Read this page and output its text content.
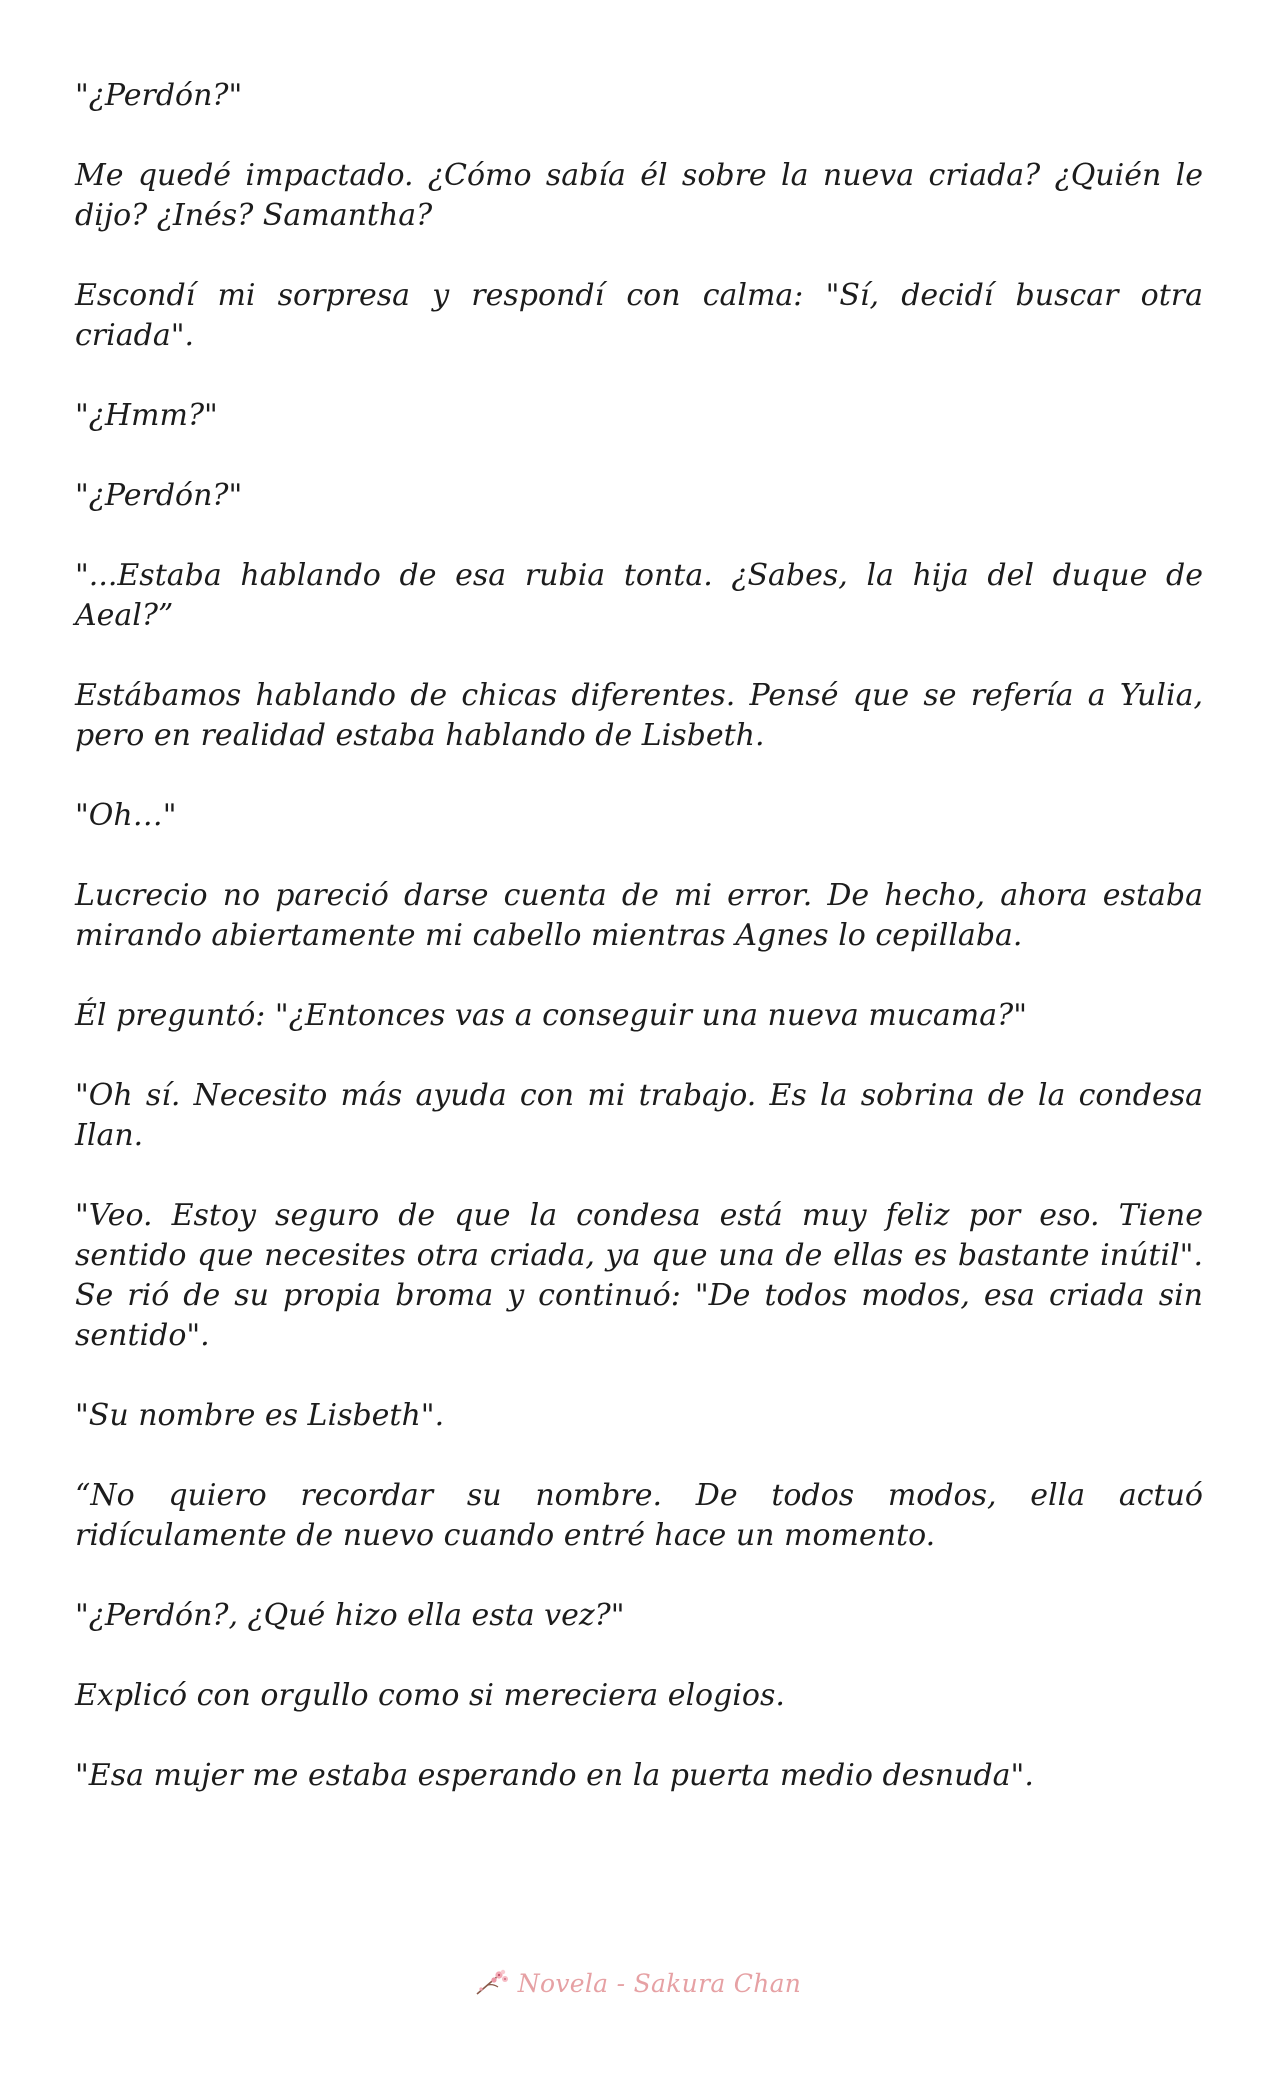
"¿Perdón?"

Me quedé impactado. ¿Cómo sabía él sobre la nueva criada? ¿Quién le dijo? ¿Inés? Samantha?

Escondí mi sorpresa y respondí con calma: "Sí, decidí buscar otra criada".

"¿Hmm?"

"¿Perdón?"

"...Estaba hablando de esa rubia tonta. ¿Sabes, la hija del duque de Aeal?”

Estábamos hablando de chicas diferentes. Pensé que se refería a Yulia, pero en realidad estaba hablando de Lisbeth.

"Oh…"

Lucrecio no pareció darse cuenta de mi error. De hecho, ahora estaba mirando abiertamente mi cabello mientras Agnes lo cepillaba.

Él preguntó: "¿Entonces vas a conseguir una nueva mucama?"

"Oh sí. Necesito más ayuda con mi trabajo. Es la sobrina de la condesa Ilan.

"Veo. Estoy seguro de que la condesa está muy feliz por eso. Tiene sentido que necesites otra criada, ya que una de ellas es bastante inútil". Se rió de su propia broma y continuó: "De todos modos, esa criada sin sentido".

"Su nombre es Lisbeth".

“No quiero recordar su nombre. De todos modos, ella actuó ridículamente de nuevo cuando entré hace un momento.

"¿Perdón?, ¿Qué hizo ella esta vez?"

Explicó con orgullo como si mereciera elogios.

"Esa mujer me estaba esperando en la puerta medio desnuda".

Novela - Sakura Chan
